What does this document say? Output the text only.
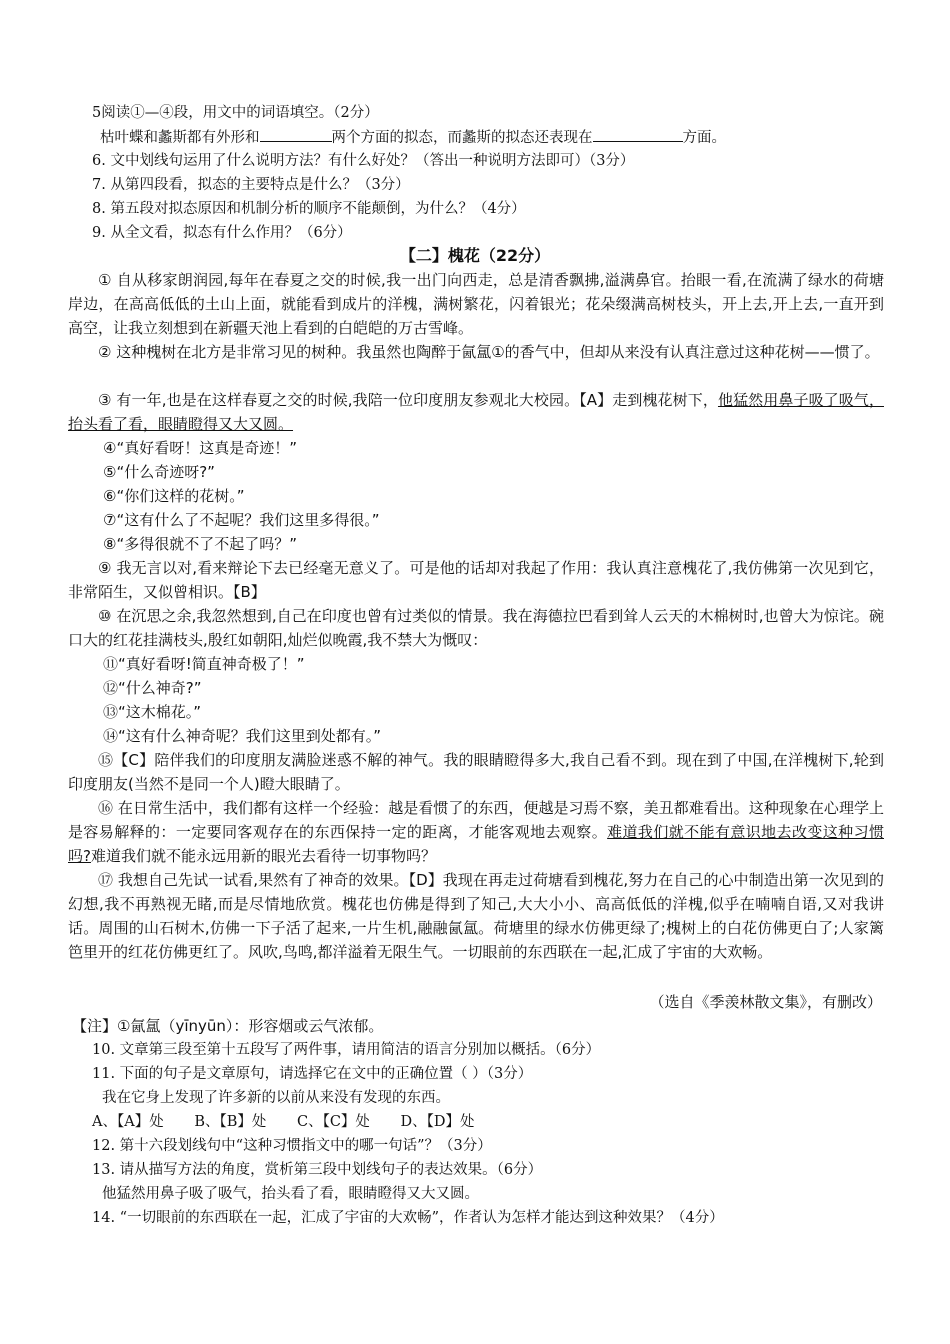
5阅读①—④段，用文中的词语填空。（2分）
枯叶蝶和蠡斯都有外形和	两个方面的拟态，而蠡斯的拟态还表现在	方面。
6. 文中划线句运用了什么说明方法？有什么好处？（答出一种说明方法即可）（3分）
7. 从第四段看，拟态的主要特点是什么？（3分）
8. 第五段对拟态原因和机制分析的顺序不能颠倒，为什么？（4分）
9. 从全文看，拟态有什么作用？（6分）
【二】槐花（22分）

① 自从移家朗润园,每年在春夏之交的时候,我一出门向西走，总是清香飘拂,溢满鼻官。抬眼一看,在流满了绿水的荷塘岸边，在高高低低的土山上面，就能看到成片的洋槐，满树繁花，闪着银光；花朵缀满高树枝头，开上去,开上去,一直开到高空，让我立刻想到在新疆天池上看到的白皑皑的万古雪峰。

② 这种槐树在北方是非常习见的树种。我虽然也陶醉于氤氲①的香气中，但却从来没有认真注意过这种花树——惯了。

③ 有一年,也是在这样春夏之交的时候,我陪一位印度朋友参观北大校园。【A】走到槐花树下，他猛然用鼻子吸了吸气，抬头看了看，眼睛瞪得又大又圆。

④“真好看呀！这真是奇迹！”
⑤“什么奇迹呀?”
⑥“你们这样的花树。”
⑦“这有什么了不起呢？我们这里多得很。”
⑧“多得很就不了不起了吗？”

⑨ 我无言以对,看来辩论下去已经毫无意义了。可是他的话却对我起了作用：我认真注意槐花了,我仿佛第一次见到它，非常陌生，又似曾相识。【B】

⑩ 在沉思之余,我忽然想到,自己在印度也曾有过类似的情景。我在海德拉巴看到耸人云天的木棉树时,也曾大为惊诧。碗口大的红花挂满枝头,殷红如朝阳,灿烂似晚霞,我不禁大为慨叹：

⑪“真好看呀!简直神奇极了！”
⑫“什么神奇?”
⑬“这木棉花。”
⑭“这有什么神奇呢？我们这里到处都有。”

⑮【C】陪伴我们的印度朋友满脸迷惑不解的神气。我的眼睛瞪得多大,我自己看不到。现在到了中国,在洋槐树下,轮到印度朋友(当然不是同一个人)瞪大眼睛了。

⑯ 在日常生活中，我们都有这样一个经验：越是看惯了的东西，便越是习焉不察，美丑都难看出。这种现象在心理学上是容易解释的：一定要同客观存在的东西保持一定的距离，才能客观地去观察。难道我们就不能有意识地去改变这种习惯吗?难道我们就不能永远用新的眼光去看待一切事物吗？

⑰ 我想自己先试一试看,果然有了神奇的效果。【D】我现在再走过荷塘看到槐花,努力在自己的心中制造出第一次见到的幻想,我不再熟视无睹,而是尽情地欣赏。槐花也仿佛是得到了知己,大大小小、高高低低的洋槐,似乎在喃喃自语,又对我讲话。周围的山石树木,仿佛一下子活了起来,一片生机,融融氤氲。荷塘里的绿水仿佛更绿了;槐树上的白花仿佛更白了;人家篱笆里开的红花仿佛更红了。风吹,鸟鸣,都洋溢着无限生气。一切眼前的东西联在一起,汇成了宇宙的大欢畅。

（选自《季羡林散文集》，有删改）
【注】①氤氲（yīnyūn）：形容烟或云气浓郁。
10. 文章第三段至第十五段写了两件事，请用简洁的语言分别加以概括。（6分）
11. 下面的句子是文章原句，请选择它在文中的正确位置（ ）（3分）
我在它身上发现了许多新的以前从来没有发现的东西。
A、【A】处 B、【B】处 C、【C】处 D、【D】处
12. 第十六段划线句中“这种习惯指文中的哪一句话”？（3分）
13. 请从描写方法的角度，赏析第三段中划线句子的表达效果。（6分）
他猛然用鼻子吸了吸气，抬头看了看，眼睛瞪得又大又圆。
14. “一切眼前的东西联在一起，汇成了宇宙的大欢畅”，作者认为怎样才能达到这种效果？（4分）
